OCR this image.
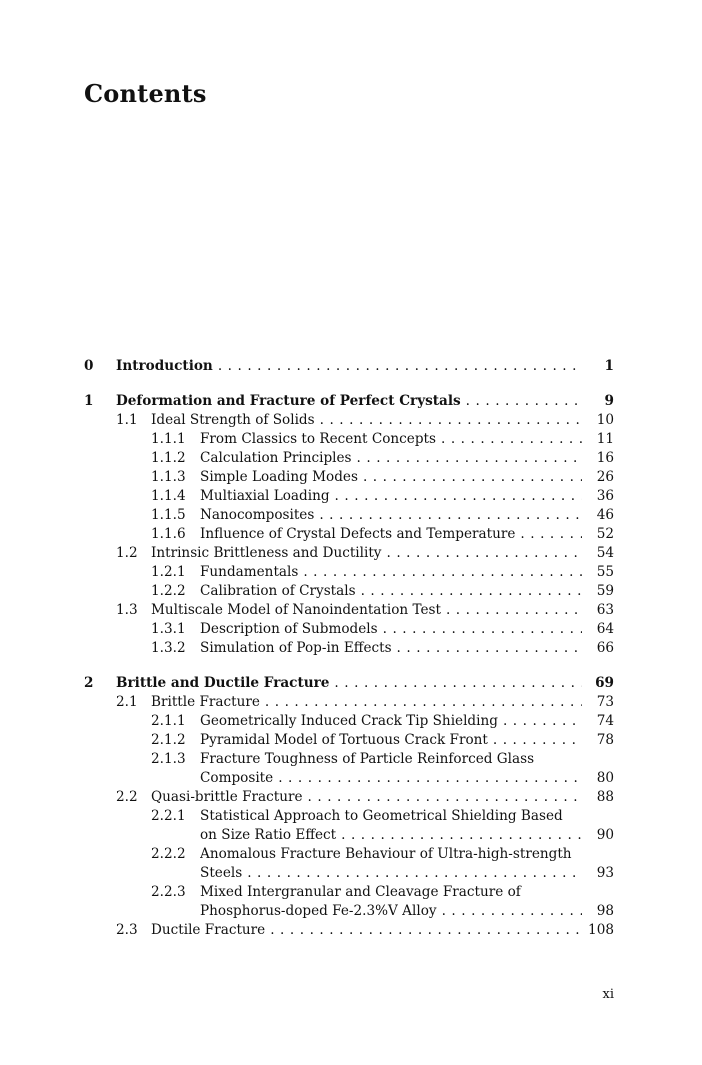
Contents
0 Introduction . . .	1
1 Deformation and Fracture of Perfect Crystals . . .	9
1.1 Ideal Strength of Solids . . .	10
1.1.1 From Classics to Recent Concepts . . .	11
1.1.2 Calculation Principles . . .	16
1.1.3 Simple Loading Modes . . .	26
1.1.4 Multiaxial Loading . . .	36
1.1.5 Nanocomposites . . .	46
1.1.6 Influence of Crystal Defects and Temperature . . .	52
1.2 Intrinsic Brittleness and Ductility . . .	54
1.2.1 Fundamentals . . .	55
1.2.2 Calibration of Crystals . . .	59
1.3 Multiscale Model of Nanoindentation Test . . .	63
1.3.1 Description of Submodels . . .	64
1.3.2 Simulation of Pop-in Effects . . .	66
2 Brittle and Ductile Fracture . . .	69
2.1 Brittle Fracture . . .	73
2.1.1 Geometrically Induced Crack Tip Shielding . . .	74
2.1.2 Pyramidal Model of Tortuous Crack Front . . .	78
2.1.3 Fracture Toughness of Particle Reinforced Glass
Composite . . .	80
2.2 Quasi-brittle Fracture . . .	88
2.2.1 Statistical Approach to Geometrical Shielding Based
on Size Ratio Effect . . .	90
2.2.2 Anomalous Fracture Behaviour of Ultra-high-strength
Steels . . .	93
2.2.3 Mixed Intergranular and Cleavage Fracture of
Phosphorus-doped Fe-2.3%V Alloy . . .	98
2.3 Ductile Fracture . . .	108
xi
